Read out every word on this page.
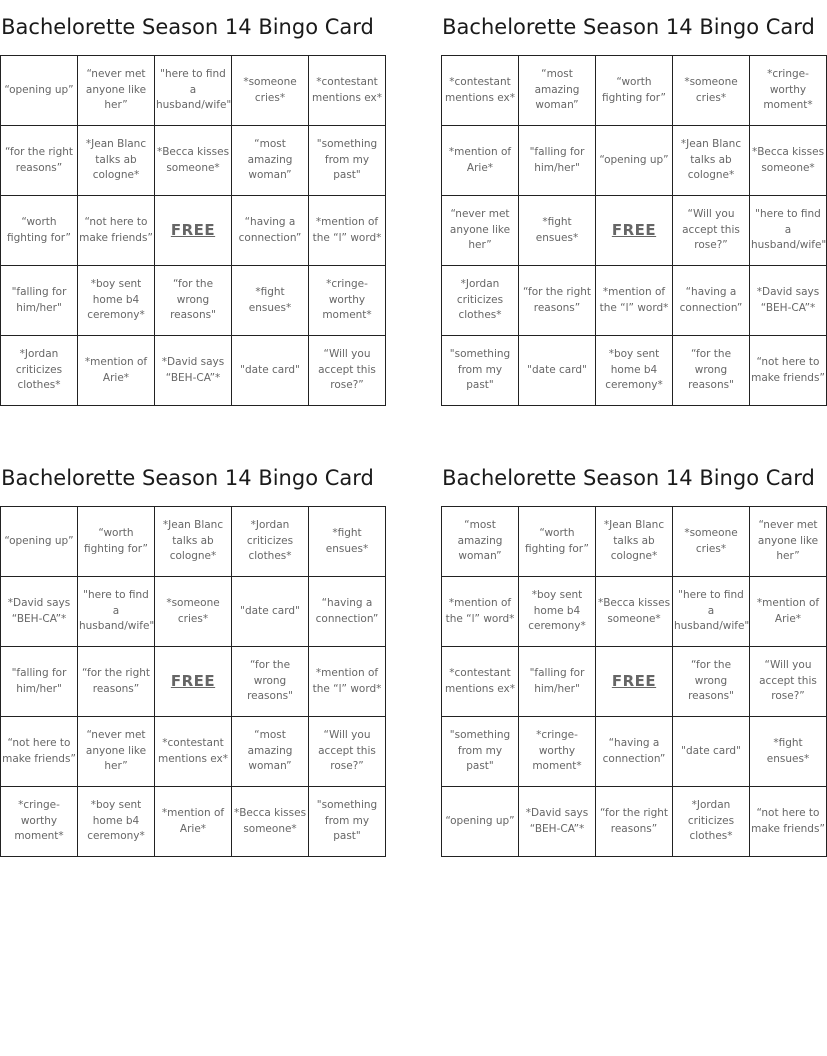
Bachelorette Season 14 Bingo Card
“opening up”	“never met anyone like her”	"here to find a husband/wife"	*someone cries*	*contestant mentions ex*
“for the right reasons”	*Jean Blanc talks ab cologne*	*Becca kisses someone*	“most amazing woman”	"something from my past"
“worth fighting for”	“not here to make friends”	FREE	“having a connection”	*mention of the “l” word*
"falling for him/her"	*boy sent home b4 ceremony*	“for the wrong reasons"	*fight ensues*	*cringe-worthy moment*
*Jordan criticizes clothes*	*mention of Arie*	*David says “BEH-CA”*	"date card"	“Will you accept this rose?”
Bachelorette Season 14 Bingo Card
*contestant mentions ex*	“most amazing woman”	“worth fighting for”	*someone cries*	*cringe-worthy moment*
*mention of Arie*	"falling for him/her"	“opening up”	*Jean Blanc talks ab cologne*	*Becca kisses someone*
“never met anyone like her”	*fight ensues*	FREE	“Will you accept this rose?”	"here to find a husband/wife"
*Jordan criticizes clothes*	“for the right reasons”	*mention of the “l” word*	“having a connection”	*David says “BEH-CA”*
"something from my past"	"date card"	*boy sent home b4 ceremony*	“for the wrong reasons"	“not here to make friends”
Bachelorette Season 14 Bingo Card
“opening up”	“worth fighting for”	*Jean Blanc talks ab cologne*	*Jordan criticizes clothes*	*fight ensues*
*David says “BEH-CA”*	"here to find a husband/wife"	*someone cries*	"date card"	“having a connection”
"falling for him/her"	“for the right reasons”	FREE	“for the wrong reasons"	*mention of the “l” word*
“not here to make friends”	“never met anyone like her”	*contestant mentions ex*	“most amazing woman”	“Will you accept this rose?”
*cringe-worthy moment*	*boy sent home b4 ceremony*	*mention of Arie*	*Becca kisses someone*	"something from my past"
Bachelorette Season 14 Bingo Card
“most amazing woman”	“worth fighting for”	*Jean Blanc talks ab cologne*	*someone cries*	“never met anyone like her”
*mention of the “l” word*	*boy sent home b4 ceremony*	*Becca kisses someone*	"here to find a husband/wife"	*mention of Arie*
*contestant mentions ex*	"falling for him/her"	FREE	“for the wrong reasons"	“Will you accept this rose?”
"something from my past"	*cringe-worthy moment*	“having a connection”	"date card"	*fight ensues*
“opening up”	*David says “BEH-CA”*	“for the right reasons”	*Jordan criticizes clothes*	“not here to make friends”
